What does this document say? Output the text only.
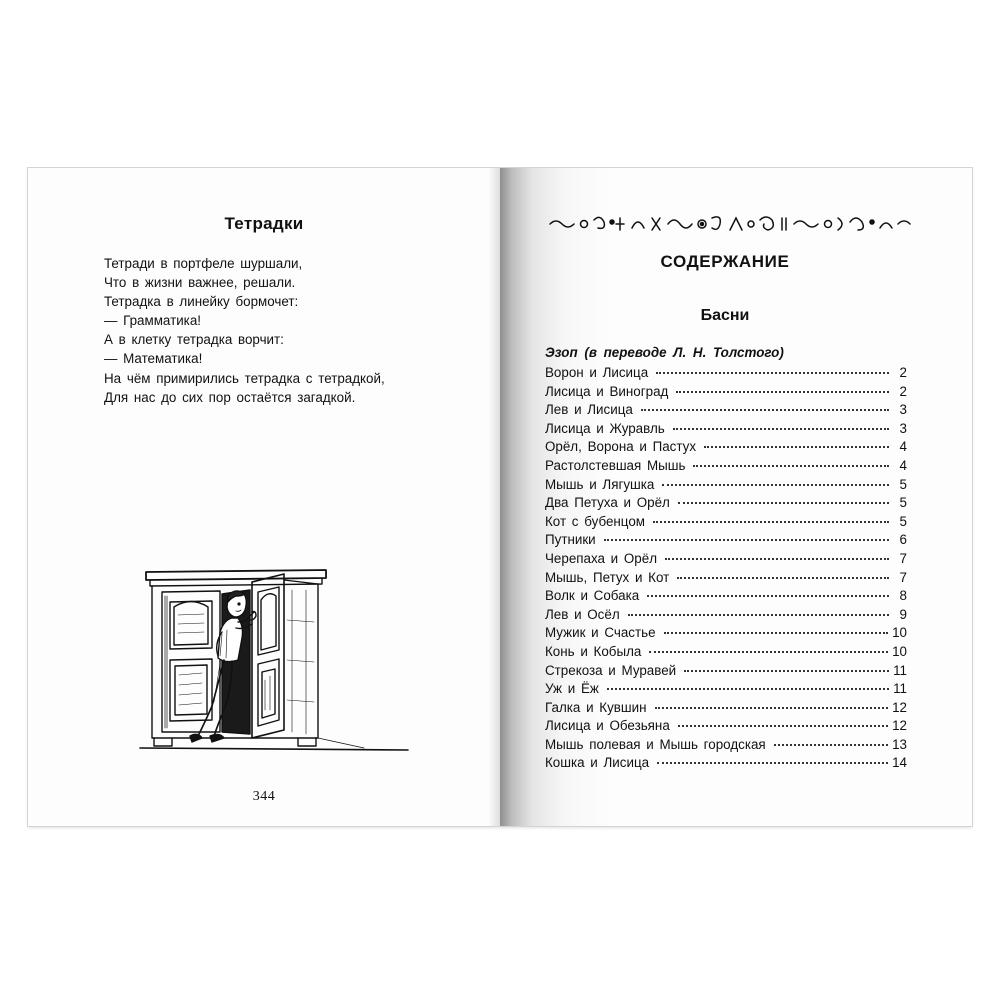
Тетрадки
Тетради в портфеле шуршали,
Что в жизни важнее, решали.
Тетрадка в линейку бормочет:
— Грамматика!
А в клетку тетрадка ворчит:
— Математика!
На чём примирились тетрадка с тетрадкой,
Для нас до сих пор остаётся загадкой.
344
СОДЕРЖАНИЕ
Басни
Эзоп (в переводе Л. Н. Толстого)
Ворон и Лисица	2
Лисица и Виноград	2
Лев и Лисица	3
Лисица и Журавль	3
Орёл, Ворона и Пастух	4
Растолстевшая Мышь	4
Мышь и Лягушка	5
Два Петуха и Орёл	5
Кот с бубенцом	5
Путники	6
Черепаха и Орёл	7
Мышь, Петух и Кот	7
Волк и Собака	8
Лев и Осёл	9
Мужик и Счастье	10
Конь и Кобыла	10
Стрекоза и Муравей	11
Уж и Ёж	11
Галка и Кувшин	12
Лисица и Обезьяна	12
Мышь полевая и Мышь городская	13
Кошка и Лисица	14
